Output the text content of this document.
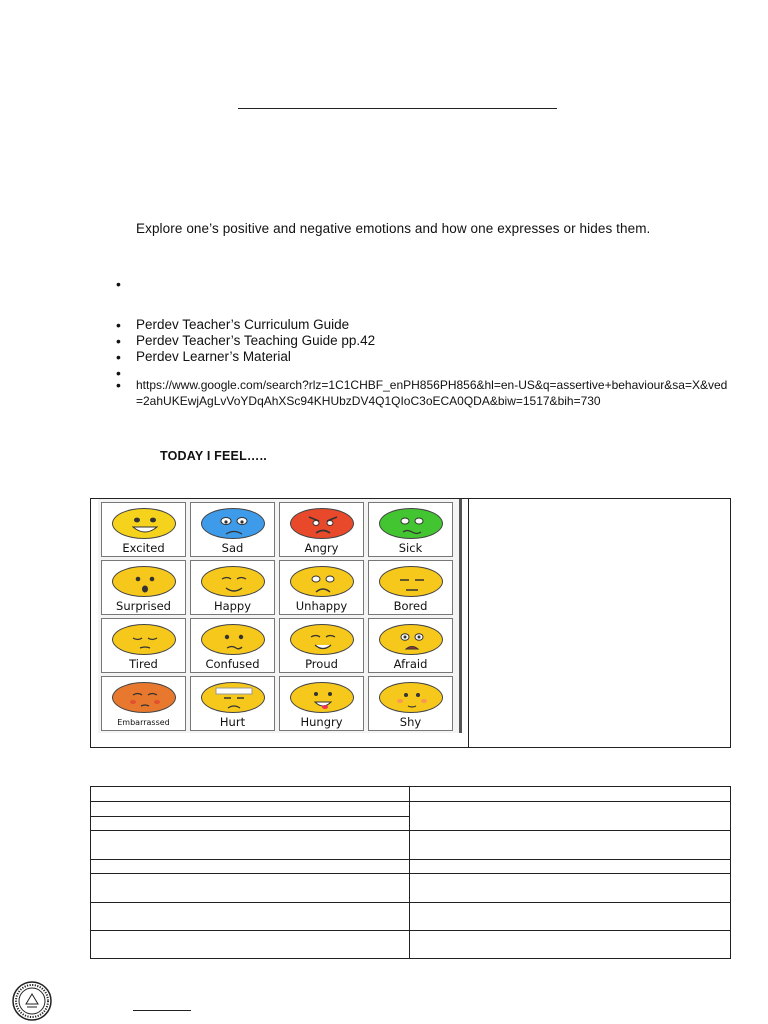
Explore one’s positive and negative emotions and how one expresses or hides them.
•
• Perdev Teacher’s Curriculum Guide
• Perdev Teacher’s Teaching Guide pp.42
• Perdev Learner’s Material
•
• https://www.google.com/search?rlz=1C1CHBF_enPH856PH856&hl=en-US&q=assertive+behaviour&sa=X&ved=2ahUKEwjAgLvVoYDqAhXSc94KHUbzDV4Q1QIoC3oECA0QDA&biw=1517&bih=730
TODAY I FEEL…..
Excited	Sad	Angry	Sick
Surprised	Happy	Unhappy	Bored
Tired	Confused	Proud	Afraid
Embarrassed	Hurt	Hungry	Shy
